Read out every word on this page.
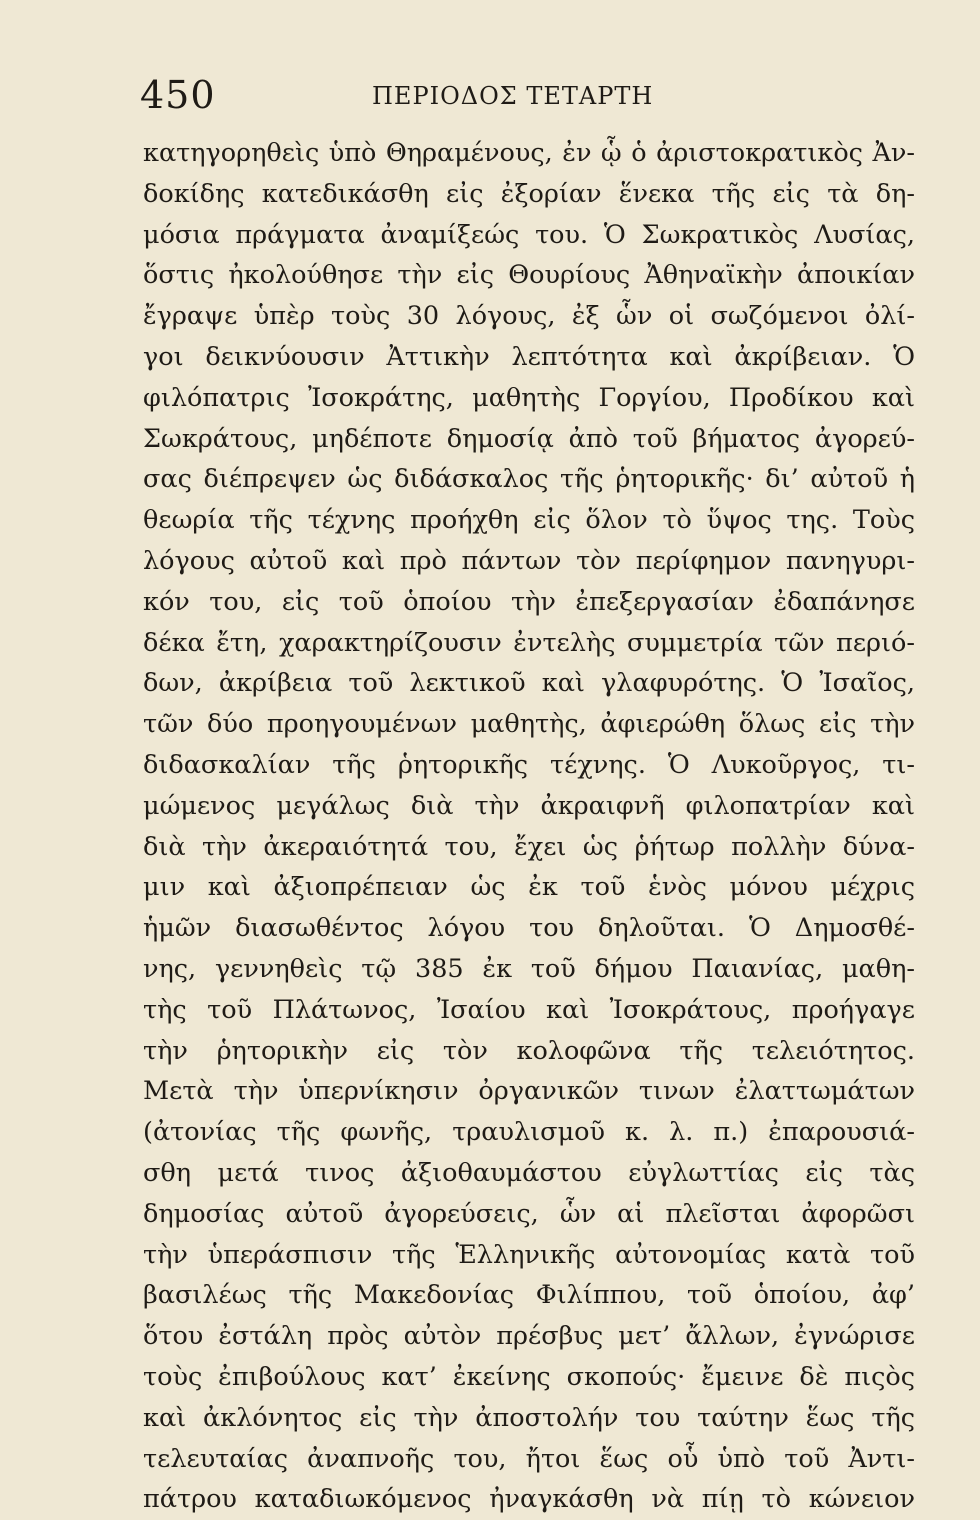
450	ΠΕΡΙΟΔΟΣ ΤΕΤΑΡΤΗ
κατηγορηθεὶς ὑπὸ Θηραμένους, ἐν ᾧ ὁ ἀριστοκρατικὸς Ἀν-
δοκίδης κατεδικάσθη εἰς ἐξορίαν ἕνεκα τῆς εἰς τὰ δη-
μόσια πράγματα ἀναμίξεώς του. Ὁ Σωκρατικὸς Λυσίας,
ὅστις ἠκολούθησε τὴν εἰς Θουρίους Ἀθηναϊκὴν ἀποικίαν
ἔγραψε ὑπὲρ τοὺς 30 λόγους, ἐξ ὧν οἱ σωζόμενοι ὀλί-
γοι δεικνύουσιν Ἀττικὴν λεπτότητα καὶ ἀκρίβειαν. Ὁ
φιλόπατρις Ἰσοκράτης, μαθητὴς Γοργίου, Προδίκου καὶ
Σωκράτους, μηδέποτε δημοσίᾳ ἀπὸ τοῦ βήματος ἀγορεύ-
σας διέπρεψεν ὡς διδάσκαλος τῆς ῥητορικῆς· δι’ αὐτοῦ ἡ
θεωρία τῆς τέχνης προήχθη εἰς ὅλον τὸ ὕψος της. Τοὺς
λόγους αὐτοῦ καὶ πρὸ πάντων τὸν περίφημον πανηγυρι-
κόν του, εἰς τοῦ ὁποίου τὴν ἐπεξεργασίαν ἐδαπάνησε
δέκα ἔτη, χαρακτηρίζουσιν ἐντελὴς συμμετρία τῶν περιό-
δων, ἀκρίβεια τοῦ λεκτικοῦ καὶ γλαφυρότης. Ὁ Ἰσαῖος,
τῶν δύο προηγουμένων μαθητὴς, ἀφιερώθη ὅλως εἰς τὴν
διδασκαλίαν τῆς ῥητορικῆς τέχνης. Ὁ Λυκοῦργος, τι-
μώμενος μεγάλως διὰ τὴν ἀκραιφνῆ φιλοπατρίαν καὶ
διὰ τὴν ἀκεραιότητά του, ἔχει ὡς ῥήτωρ πολλὴν δύνα-
μιν καὶ ἀξιοπρέπειαν ὡς ἐκ τοῦ ἑνὸς μόνου μέχρις
ἡμῶν διασωθέντος λόγου του δηλοῦται. Ὁ Δημοσθέ-
νης, γεννηθεὶς τῷ 385 ἐκ τοῦ δήμου Παιανίας, μαθη-
τὴς τοῦ Πλάτωνος, Ἰσαίου καὶ Ἰσοκράτους, προήγαγε
τὴν ῥητορικὴν εἰς τὸν κολοφῶνα τῆς τελειότητος.
Μετὰ τὴν ὑπερνίκησιν ὀργανικῶν τινων ἐλαττωμάτων
(ἀτονίας τῆς φωνῆς, τραυλισμοῦ κ. λ. π.) ἐπαρουσιά-
σθη μετά τινος ἀξιοθαυμάστου εὐγλωττίας εἰς τὰς
δημοσίας αὐτοῦ ἀγορεύσεις, ὧν αἱ πλεῖσται ἀφορῶσι
τὴν ὑπεράσπισιν τῆς Ἑλληνικῆς αὐτονομίας κατὰ τοῦ
βασιλέως τῆς Μακεδονίας Φιλίππου, τοῦ ὁποίου, ἀφ’
ὅτου ἐστάλη πρὸς αὐτὸν πρέσβυς μετ’ ἄλλων, ἐγνώρισε
τοὺς ἐπιβούλους κατ’ ἐκείνης σκοπούς· ἔμεινε δὲ πιςὸς
καὶ ἀκλόνητος εἰς τὴν ἀποστολήν του ταύτην ἕως τῆς
τελευταίας ἀναπνοῆς του, ἤτοι ἕως οὗ ὑπὸ τοῦ Ἀντι-
πάτρου καταδιωκόμενος ἠναγκάσθη νὰ πίῃ τὸ κώνειον
